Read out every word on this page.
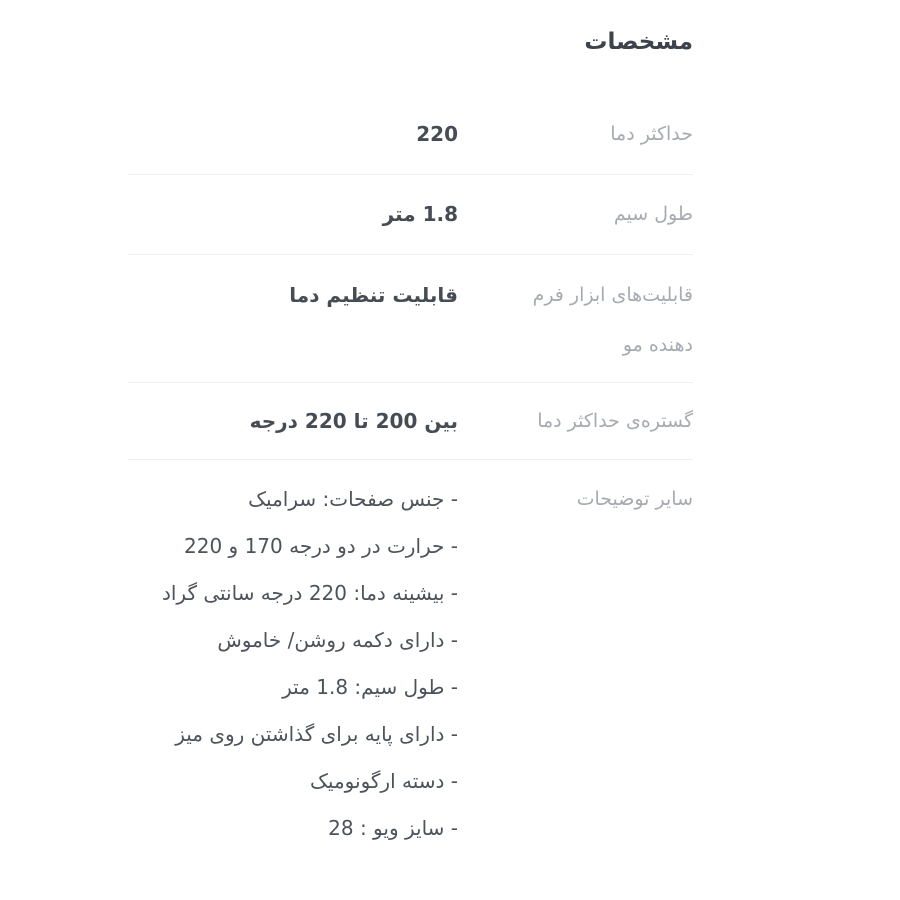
مشخصات
حداکثر دما
220
طول سیم
1.8 متر
قابلیت‌های ابزار فرم دهنده مو
قابلیت تنظیم دما
گستره‌ی حداکثر دما
بین 200 تا 220 درجه
سایر توضیحات
- جنس صفحات: سرامیک
- حرارت در دو درجه 170 و 220
- بیشینه دما: 220 درجه سانتی گراد
- دارای دکمه روشن/ خاموش
- طول سیم: 1.8 متر
- دارای پایه برای گذاشتن روی میز
- دسته ارگونومیک
- سایز ویو : 28
